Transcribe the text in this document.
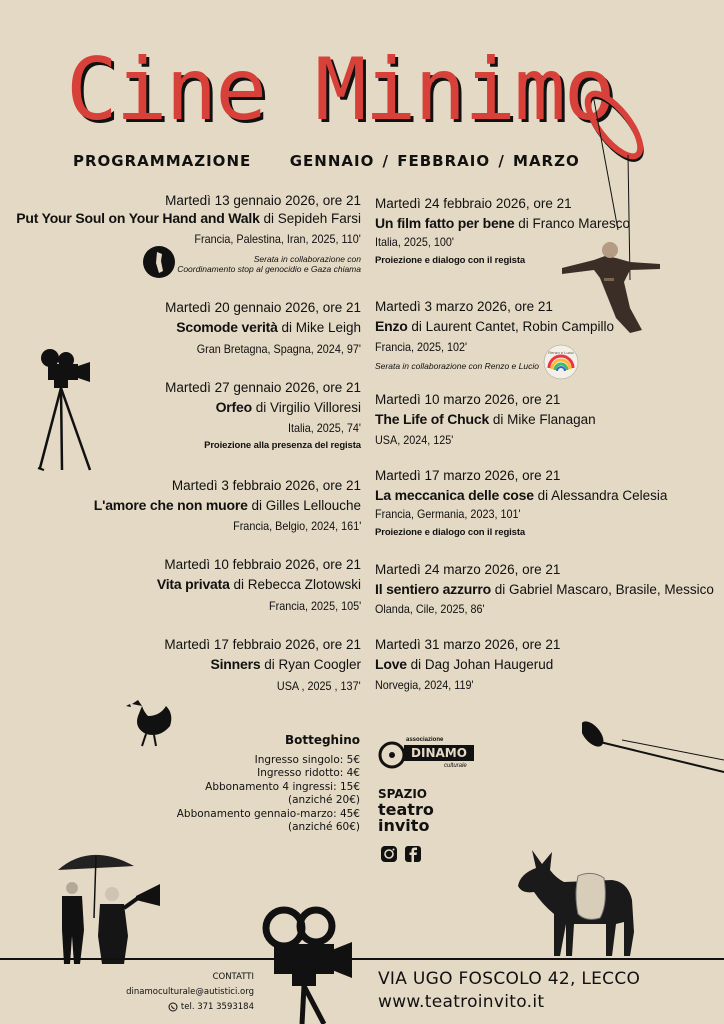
Cine Minimo
PROGRAMMAZIONE	GENNAIO / FEBBRAIO / MARZO
Martedì 13 gennaio 2026, ore 21
Put Your Soul on Your Hand and Walk di Sepideh Farsi
Francia, Palestina, Iran, 2025, 110'
Serata in collaborazione con
Coordinamento stop al genocidio e Gaza chiama
Martedì 20 gennaio 2026, ore 21
Scomode verità di Mike Leigh
Gran Bretagna, Spagna, 2024, 97'
Martedì 27 gennaio 2026, ore 21
Orfeo di Virgilio Villoresi
Italia, 2025, 74'
Proiezione alla presenza del regista
Martedì 3 febbraio 2026, ore 21
L'amore che non muore di Gilles Lellouche
Francia, Belgio, 2024, 161'
Martedì 10 febbraio 2026, ore 21
Vita privata di Rebecca Zlotowski
Francia, 2025, 105'
Martedì 17 febbraio 2026, ore 21
Sinners di Ryan Coogler
USA , 2025 , 137'
Martedì 24 febbraio 2026, ore 21
Un film fatto per bene di Franco Maresco
Italia, 2025, 100'
Proiezione e dialogo con il regista
Martedì 3 marzo 2026, ore 21
Enzo di Laurent Cantet, Robin Campillo
Francia, 2025, 102'
Serata in collaborazione con Renzo e Lucio
Renzo e Lucio
Martedì 10 marzo 2026, ore 21
The Life of Chuck di Mike Flanagan
USA, 2024, 125'
Martedì 17 marzo 2026, ore 21
La meccanica delle cose di Alessandra Celesia
Francia, Germania, 2023, 101'
Proiezione e dialogo con il regista
Martedì 24 marzo 2026, ore 21
Il sentiero azzurro di Gabriel Mascaro, Brasile, Messico
Olanda, Cile, 2025, 86'
Martedì 31 marzo 2026, ore 21
Love di Dag Johan Haugerud
Norvegia, 2024, 119'
Botteghino
Ingresso singolo: 5€
Ingresso ridotto: 4€
Abbonamento 4 ingressi: 15€
(anziché 20€)
Abbonamento gennaio-marzo: 45€
(anziché 60€)
associazione
DINAMO
culturale
SPAZIO
teatro
invito
CONTATTI
dinamoculturale@autistici.org
tel. 371 3593184
VIA UGO FOSCOLO 42, LECCO
www.teatroinvito.it
